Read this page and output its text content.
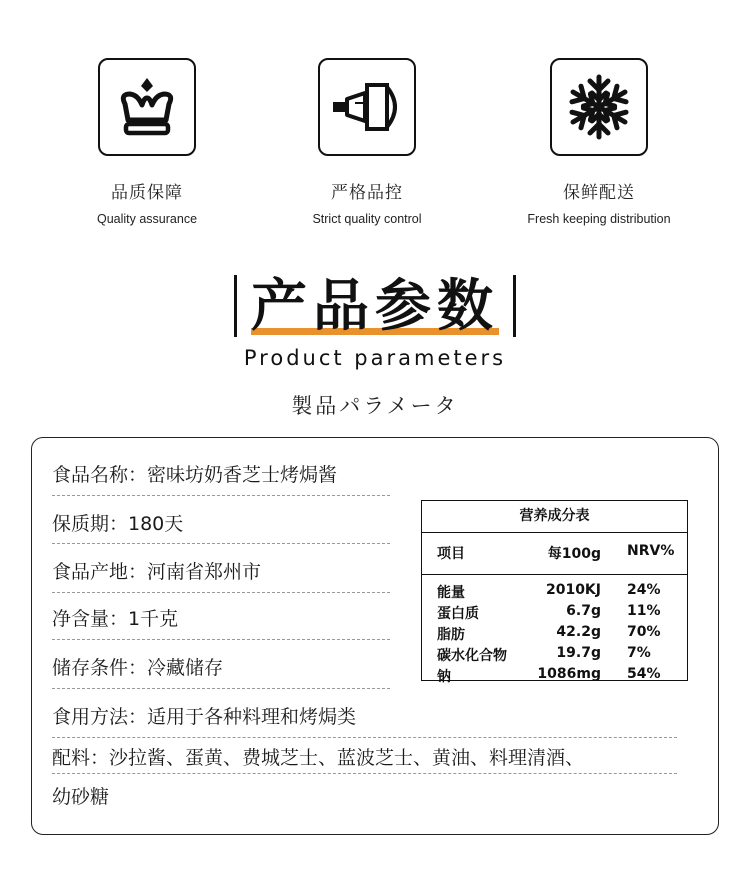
品质保障
Quality assurance
严格品控
Strict quality control
保鲜配送
Fresh keeping distribution
产品参数
Product parameters
製品パラメータ
食品名称：密味坊奶香芝士烤焗酱
保质期：180天
食品产地：河南省郑州市
净含量：1千克
储存条件：冷藏储存
食用方法：适用于各种料理和烤焗类
配料：沙拉酱、蛋黄、费城芝士、蓝波芝士、黄油、料理清酒、
幼砂糖
营养成分表
项目	每100g NRV%
能量	2010KJ 24%
蛋白质	6.7g 11%
脂肪	42.2g 70%
碳水化合物	19.7g 7%
钠	1086mg 54%
